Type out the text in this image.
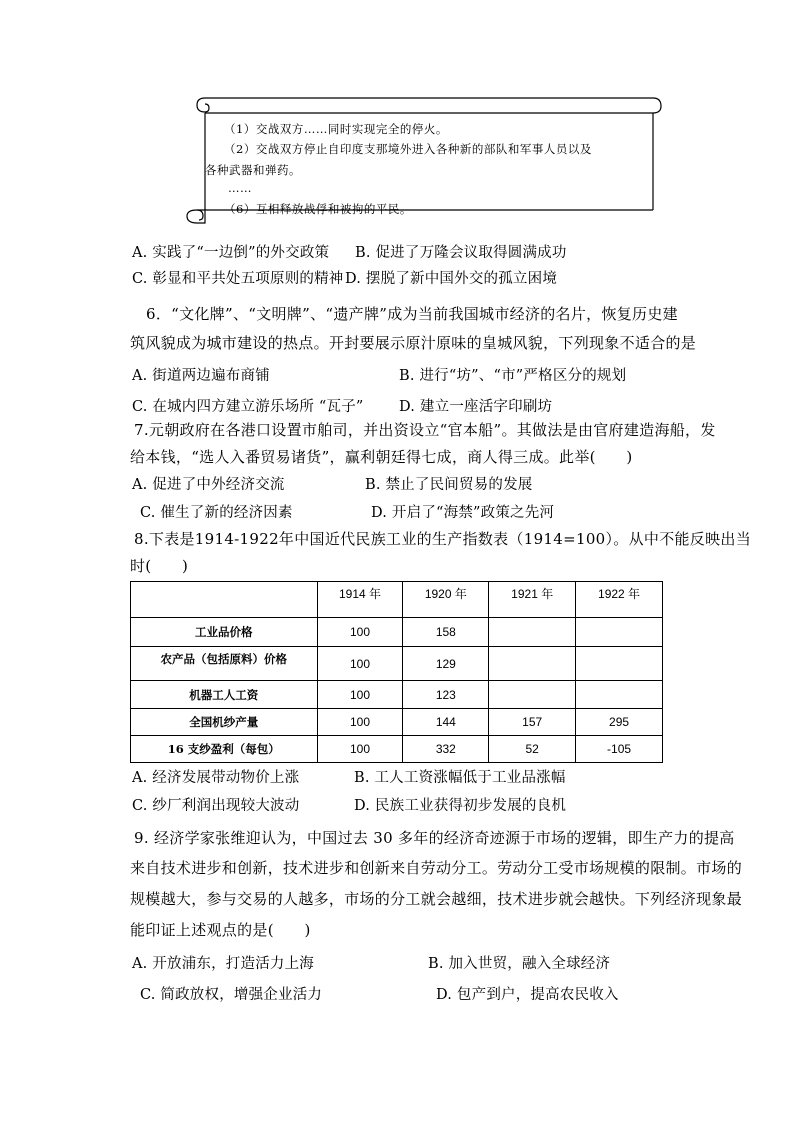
（1）交战双方……同时实现完全的停火。
（2）交战双方停止自印度支那境外进入各种新的部队和军事人员以及
各种武器和弹药。
……
（6）互相释放战俘和被拘的平民。
A. 实践了“一边倒”的外交政策 B. 促进了万隆会议取得圆满成功
C. 彰显和平共处五项原则的精神 D. 摆脱了新中国外交的孤立困境
6．“文化牌”、“文明牌”、“遗产牌”成为当前我国城市经济的名片，恢复历史建
筑风貌成为城市建设的热点。开封要展示原汁原味的皇城风貌，下列现象不适合的是
A. 街道两边遍布商铺	B. 进行“坊”、“市”严格区分的规划
C. 在城内四方建立游乐场所 “瓦子” D. 建立一座活字印刷坊
7.元朝政府在各港口设置市舶司，并出资设立“官本船”。其做法是由官府建造海船，发
给本钱，“选人入番贸易诸货”，赢利朝廷得七成，商人得三成。此举(　　)
A. 促进了中外经济交流	B. 禁止了民间贸易的发展
C. 催生了新的经济因素	D. 开启了“海禁”政策之先河
8.下表是1914-1922年中国近代民族工业的生产指数表（1914=100）。从中不能反映出当
时(　　)
	1914 年	1920 年	1921 年	1922 年
工业品价格	100	158		
农产品（包括原料）价格	100	129		
机器工人工资	100	123		
全国机纱产量	100	144	157	295
16 支纱盈利（每包）	100	332	52	-105
A. 经济发展带动物价上涨	B. 工人工资涨幅低于工业品涨幅
C. 纱厂利润出现较大波动	D. 民族工业获得初步发展的良机
9. 经济学家张维迎认为，中国过去 30 多年的经济奇迹源于市场的逻辑，即生产力的提高
来自技术进步和创新，技术进步和创新来自劳动分工。劳动分工受市场规模的限制。市场的
规模越大，参与交易的人越多，市场的分工就会越细，技术进步就会越快。下列经济现象最
能印证上述观点的是(　　)
A. 开放浦东，打造活力上海	B. 加入世贸，融入全球经济
C. 简政放权，增强企业活力	D. 包产到户，提高农民收入
